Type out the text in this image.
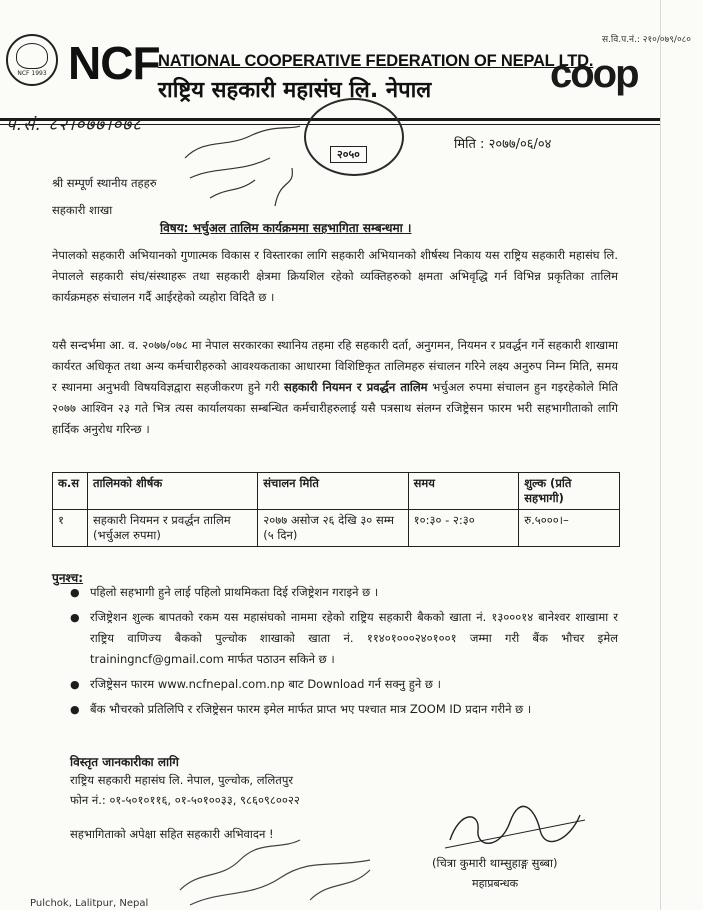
स.वि.प.नं.: २१०/०७९/०८०
NCF 1993 NCF
NATIONAL COOPERATIVE FEDERATION OF NEPAL LTD.
राष्ट्रिय सहकारी महासंघ लि. नेपाल	coop
प.सं. ८२।०७७।०७८
२०५०
मिति : २०७७/०६/०४
श्री सम्पूर्ण स्थानीय तहहरु
सहकारी शाखा
विषय: भर्चुअल तालिम कार्यक्रममा सहभागिता सम्बन्धमा ।
नेपालको सहकारी अभियानको गुणात्मक विकास र विस्तारका लागि सहकारी अभियानको शीर्षस्थ निकाय यस राष्ट्रिय सहकारी महासंघ लि. नेपालले सहकारी संघ/संस्थाहरू तथा सहकारी क्षेत्रमा क्रियशिल रहेको व्यक्तिहरुको क्षमता अभिवृद्धि गर्न विभिन्न प्रकृतिका तालिम कार्यक्रमहरु संचालन गर्दै आईरहेको व्यहोरा विदितै छ ।
यसै सन्दर्भमा आ. व. २०७७/०७८ मा नेपाल सरकारका स्थानिय तहमा रहि सहकारी दर्ता, अनुगमन, नियमन र प्रवर्द्धन गर्ने सहकारी शाखामा कार्यरत अधिकृत तथा अन्य कर्मचारीहरुको आवश्यकताका आधारमा विशिष्टिकृत तालिमहरु संचालन गरिने लक्ष्य अनुरुप निम्न मिति, समय र स्थानमा अनुभवी विषयविज्ञद्वारा सहजीकरण हुने गरी सहकारी नियमन र प्रवर्द्धन तालिम भर्चुअल रुपमा संचालन हुन गइरहेकोले मिति २०७७ आश्विन २३ गते भित्र त्यस कार्यालयका सम्बन्धित कर्मचारीहरुलाई यसै पत्रसाथ संलग्न रजिष्ट्रेसन फारम भरी सहभागीताको लागि हार्दिक अनुरोध गरिन्छ ।
क.स	तालिमको शीर्षक	संचालन मिति	समय	शुल्क (प्रति सहभागी)
१	सहकारी नियमन र प्रवर्द्धन तालिम (भर्चुअल रुपमा)	२०७७ असोज २६ देखि ३० सम्म (५ दिन)	१०:३० - २:३०	रु.५०००।–
पुनश्च:
● पहिलो सहभागी हुने लाई पहिलो प्राथमिकता दिई रजिष्ट्रेशन गराइने छ ।
● रजिष्ट्रेशन शुल्क बापतको रकम यस महासंघको नाममा रहेको राष्ट्रिय सहकारी बैकको खाता नं. १३०००१४ बानेश्वर शाखामा र राष्ट्रिय वाणिज्य बैकको पुल्चोक शाखाको खाता नं. ११४०१०००२४०१००१ जम्मा गरी बैंक भौचर इमेल trainingncf@gmail.com मार्फत पठाउन सकिने छ ।
● रजिष्ट्रेसन फारम www.ncfnepal.com.np बाट Download गर्न सक्नु हुने छ ।
● बैंक भौचरको प्रतिलिपि र रजिष्ट्रेसन फारम इमेल मार्फत प्राप्त भए पश्चात मात्र ZOOM ID प्रदान गरीने छ ।
विस्तृत जानकारीका लागि
राष्ट्रिय सहकारी महासंघ लि. नेपाल, पुल्चोक, ललितपुर
फोन नं.: ०१-५०१०११६, ०१-५०१००३३, ९८६०९८००२२
सहभागिताको अपेक्षा सहित सहकारी अभिवादन !
(चित्रा कुमारी थाम्सुहाङ्ग सुब्बा)
महाप्रबन्धक
Pulchok, Lalitpur, Nepal
